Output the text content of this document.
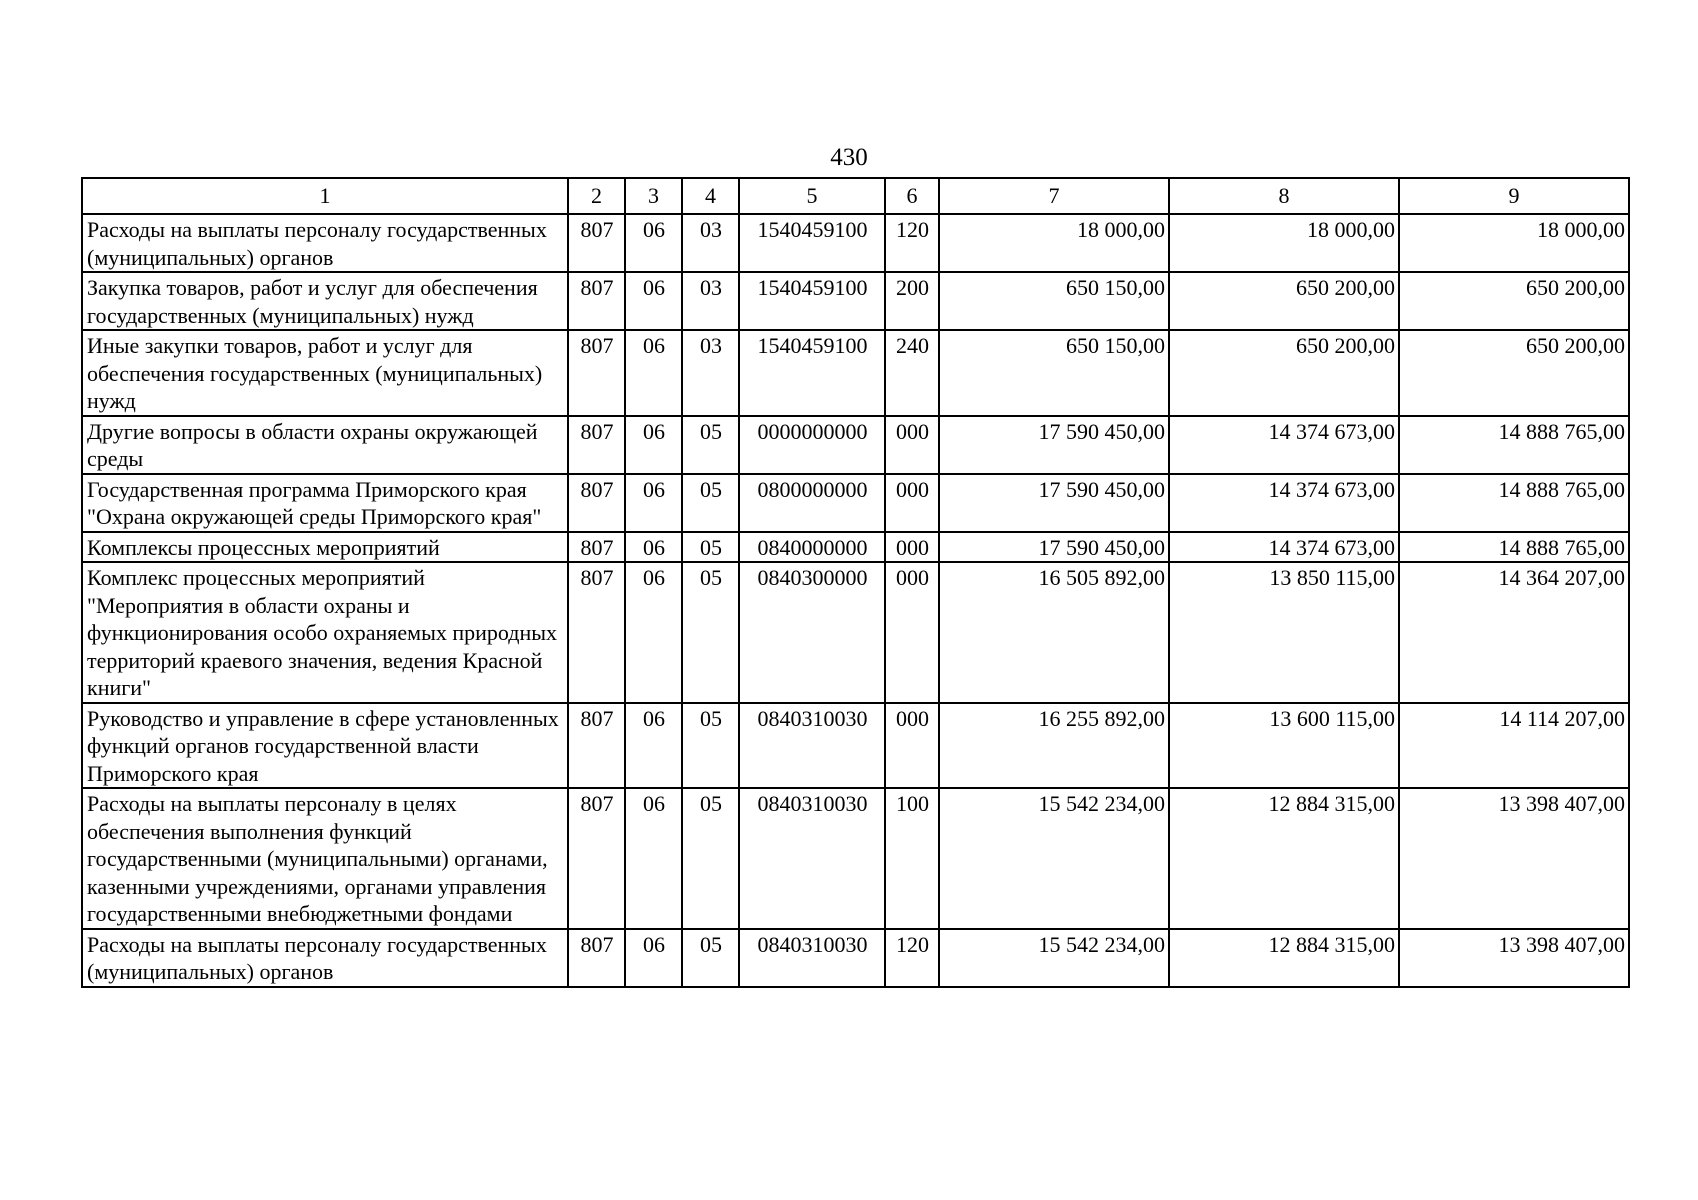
430
1	2	3	4	5	6	7	8	9
Расходы на выплаты персоналу государственных (муниципальных) органов	807	06	03	1540459100	120	18 000,00	18 000,00	18 000,00
Закупка товаров, работ и услуг для обеспечения государственных (муниципальных) нужд	807	06	03	1540459100	200	650 150,00	650 200,00	650 200,00
Иные закупки товаров, работ и услуг для обеспечения государственных (муниципальных) нужд	807	06	03	1540459100	240	650 150,00	650 200,00	650 200,00
Другие вопросы в области охраны окружающей среды	807	06	05	0000000000	000	17 590 450,00	14 374 673,00	14 888 765,00
Государственная программа Приморского края "Охрана окружающей среды Приморского края"	807	06	05	0800000000	000	17 590 450,00	14 374 673,00	14 888 765,00
Комплексы процессных мероприятий	807	06	05	0840000000	000	17 590 450,00	14 374 673,00	14 888 765,00
Комплекс процессных мероприятий "Мероприятия в области охраны и функционирования особо охраняемых природных территорий краевого значения, ведения Красной книги"	807	06	05	0840300000	000	16 505 892,00	13 850 115,00	14 364 207,00
Руководство и управление в сфере установленных функций органов государственной власти Приморского края	807	06	05	0840310030	000	16 255 892,00	13 600 115,00	14 114 207,00
Расходы на выплаты персоналу в целях обеспечения выполнения функций государственными (муниципальными) органами, казенными учреждениями, органами управления государственными внебюджетными фондами	807	06	05	0840310030	100	15 542 234,00	12 884 315,00	13 398 407,00
Расходы на выплаты персоналу государственных (муниципальных) органов	807	06	05	0840310030	120	15 542 234,00	12 884 315,00	13 398 407,00
